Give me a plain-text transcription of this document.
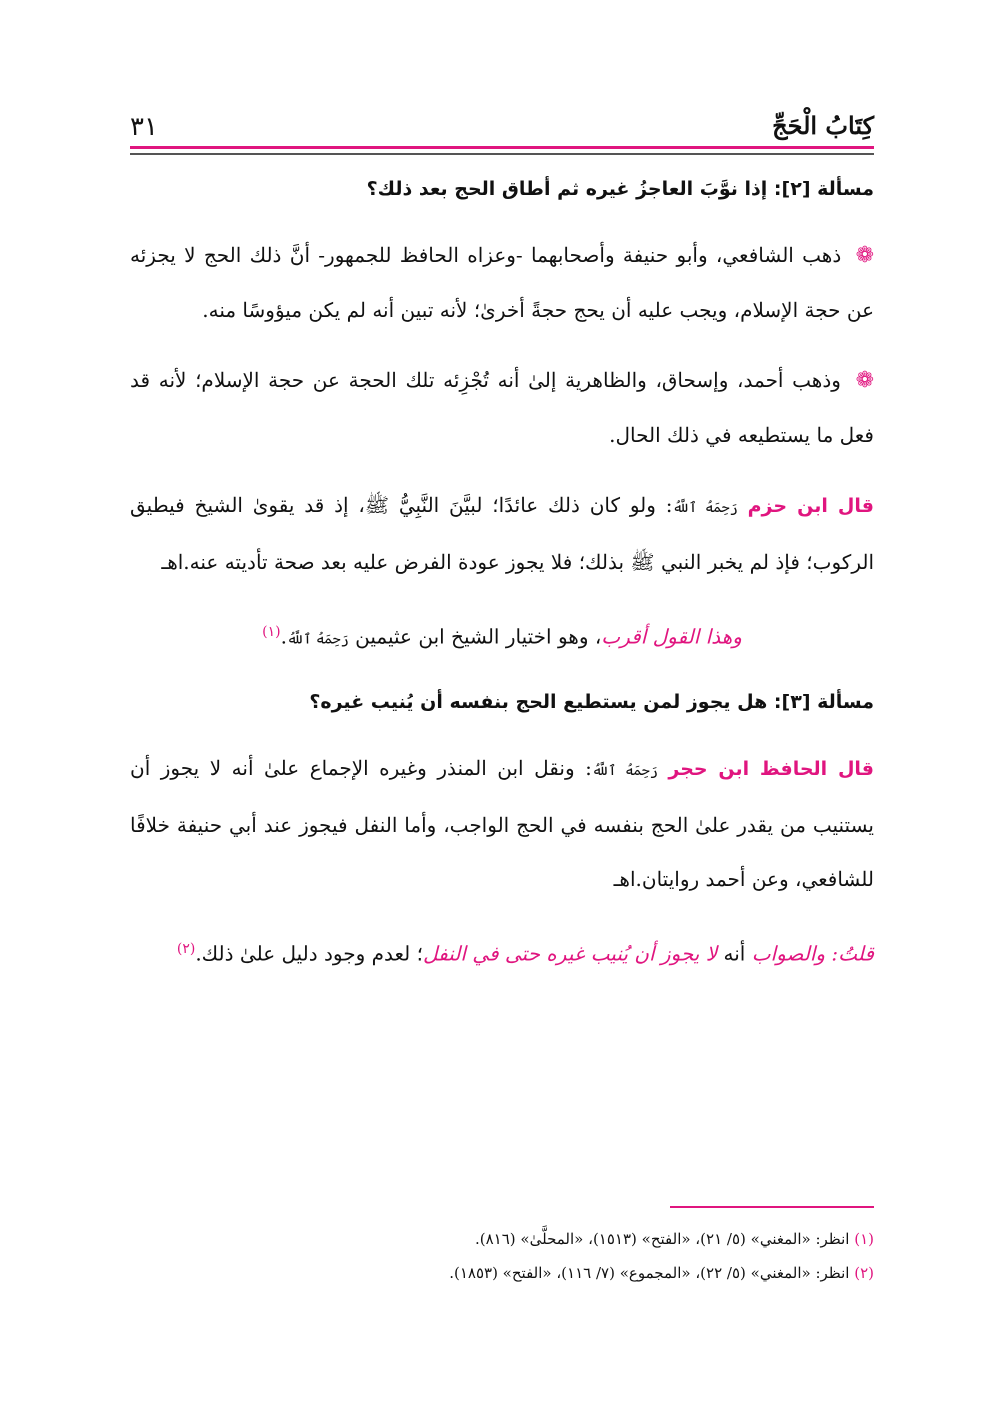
كِتَابُ الْحَجِّ
٣١

مسألة [٢]: إذا نوَّبَ العاجزُ غيره ثم أطاق الحج بعد ذلك؟

❁ ذهب الشافعي، وأبو حنيفة وأصحابهما -وعزاه الحافظ للجمهور- أنَّ ذلك الحج لا يجزئه عن حجة الإسلام، ويجب عليه أن يحج حجةً أخرىٰ؛ لأنه تبين أنه لم يكن ميؤوسًا منه.

❁ وذهب أحمد، وإسحاق، والظاهرية إلىٰ أنه تُجْزِئه تلك الحجة عن حجة الإسلام؛ لأنه قد فعل ما يستطيعه في ذلك الحال.

قال ابن حزم رَحِمَهُ ٱللَّهُ: ولو كان ذلك عائدًا؛ لبيَّنَ النَّبِيُّ ﷺ، إذ قد يقوىٰ الشيخ فيطيق الركوب؛ فإذ لم يخبر النبي ﷺ بذلك؛ فلا يجوز عودة الفرض عليه بعد صحة تأديته عنه.اهـ

وهذا القول أقرب، وهو اختيار الشيخ ابن عثيمين رَحِمَهُ ٱللَّهُ.$^{(١)}$

مسألة [٣]: هل يجوز لمن يستطيع الحج بنفسه أن يُنيب غيره؟

قال الحافظ ابن حجر رَحِمَهُ ٱللَّهُ: ونقل ابن المنذر وغيره الإجماع علىٰ أنه لا يجوز أن يستنيب من يقدر علىٰ الحج بنفسه في الحج الواجب، وأما النفل فيجوز عند أبي حنيفة خلافًا للشافعي، وعن أحمد روايتان.اهـ

قلتُ: والصواب أنه لا يجوز أن يُنيب غيره حتى في النفل؛ لعدم وجود دليل علىٰ ذلك.$^{(٢)}$

(١) انظر: «المغني» (٥/ ٢١)، «الفتح» (١٥١٣)، «المحلَّىٰ» (٨١٦).
(٢) انظر: «المغني» (٥/ ٢٢)، «المجموع» (٧/ ١١٦)، «الفتح» (١٨٥٣).
